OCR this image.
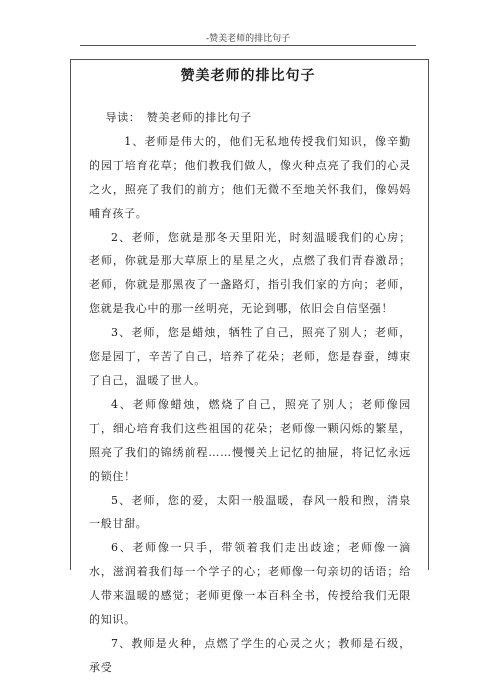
-赞美老师的排比句子
赞美老师的排比句子

导读：　赞美老师的排比句子

1、老师是伟大的，他们无私地传授我们知识，像辛勤的园丁培育花草；他们教我们做人，像火种点亮了我们的心灵之火，照亮了我们的前方；他们无微不至地关怀我们，像妈妈哺育孩子。

2、老师，您就是那冬天里阳光，时刻温暖我们的心房；老师，你就是那大草原上的星星之火，点燃了我们青春激昂；老师，你就是那黑夜了一盏路灯，指引我们家的方向；老师，您就是我心中的那一丝明亮，无论到哪，依旧会自信坚强！

3、老师，您是蜡烛，牺牲了自己，照亮了别人；老师，您是园丁，辛苦了自己，培养了花朵；老师，您是春蚕，缚束了自己，温暖了世人。

4、老师像蜡烛，燃烧了自己，照亮了别人；老师像园丁，细心培育我们这些祖国的花朵；老师像一颗闪烁的繁星，照亮了我们的锦绣前程……慢慢关上记忆的抽屉，将记忆永远的锁住！

5、老师，您的爱，太阳一般温暖，春风一般和煦，清泉一般甘甜。

6、老师像一只手，带领着我们走出歧途；老师像一滴水，滋润着我们每一个学子的心；老师像一句亲切的话语；给人带来温暖的感觉；老师更像一本百科全书，传授给我们无限的知识。

7、教师是火种，点燃了学生的心灵之火；教师是石级，承受
